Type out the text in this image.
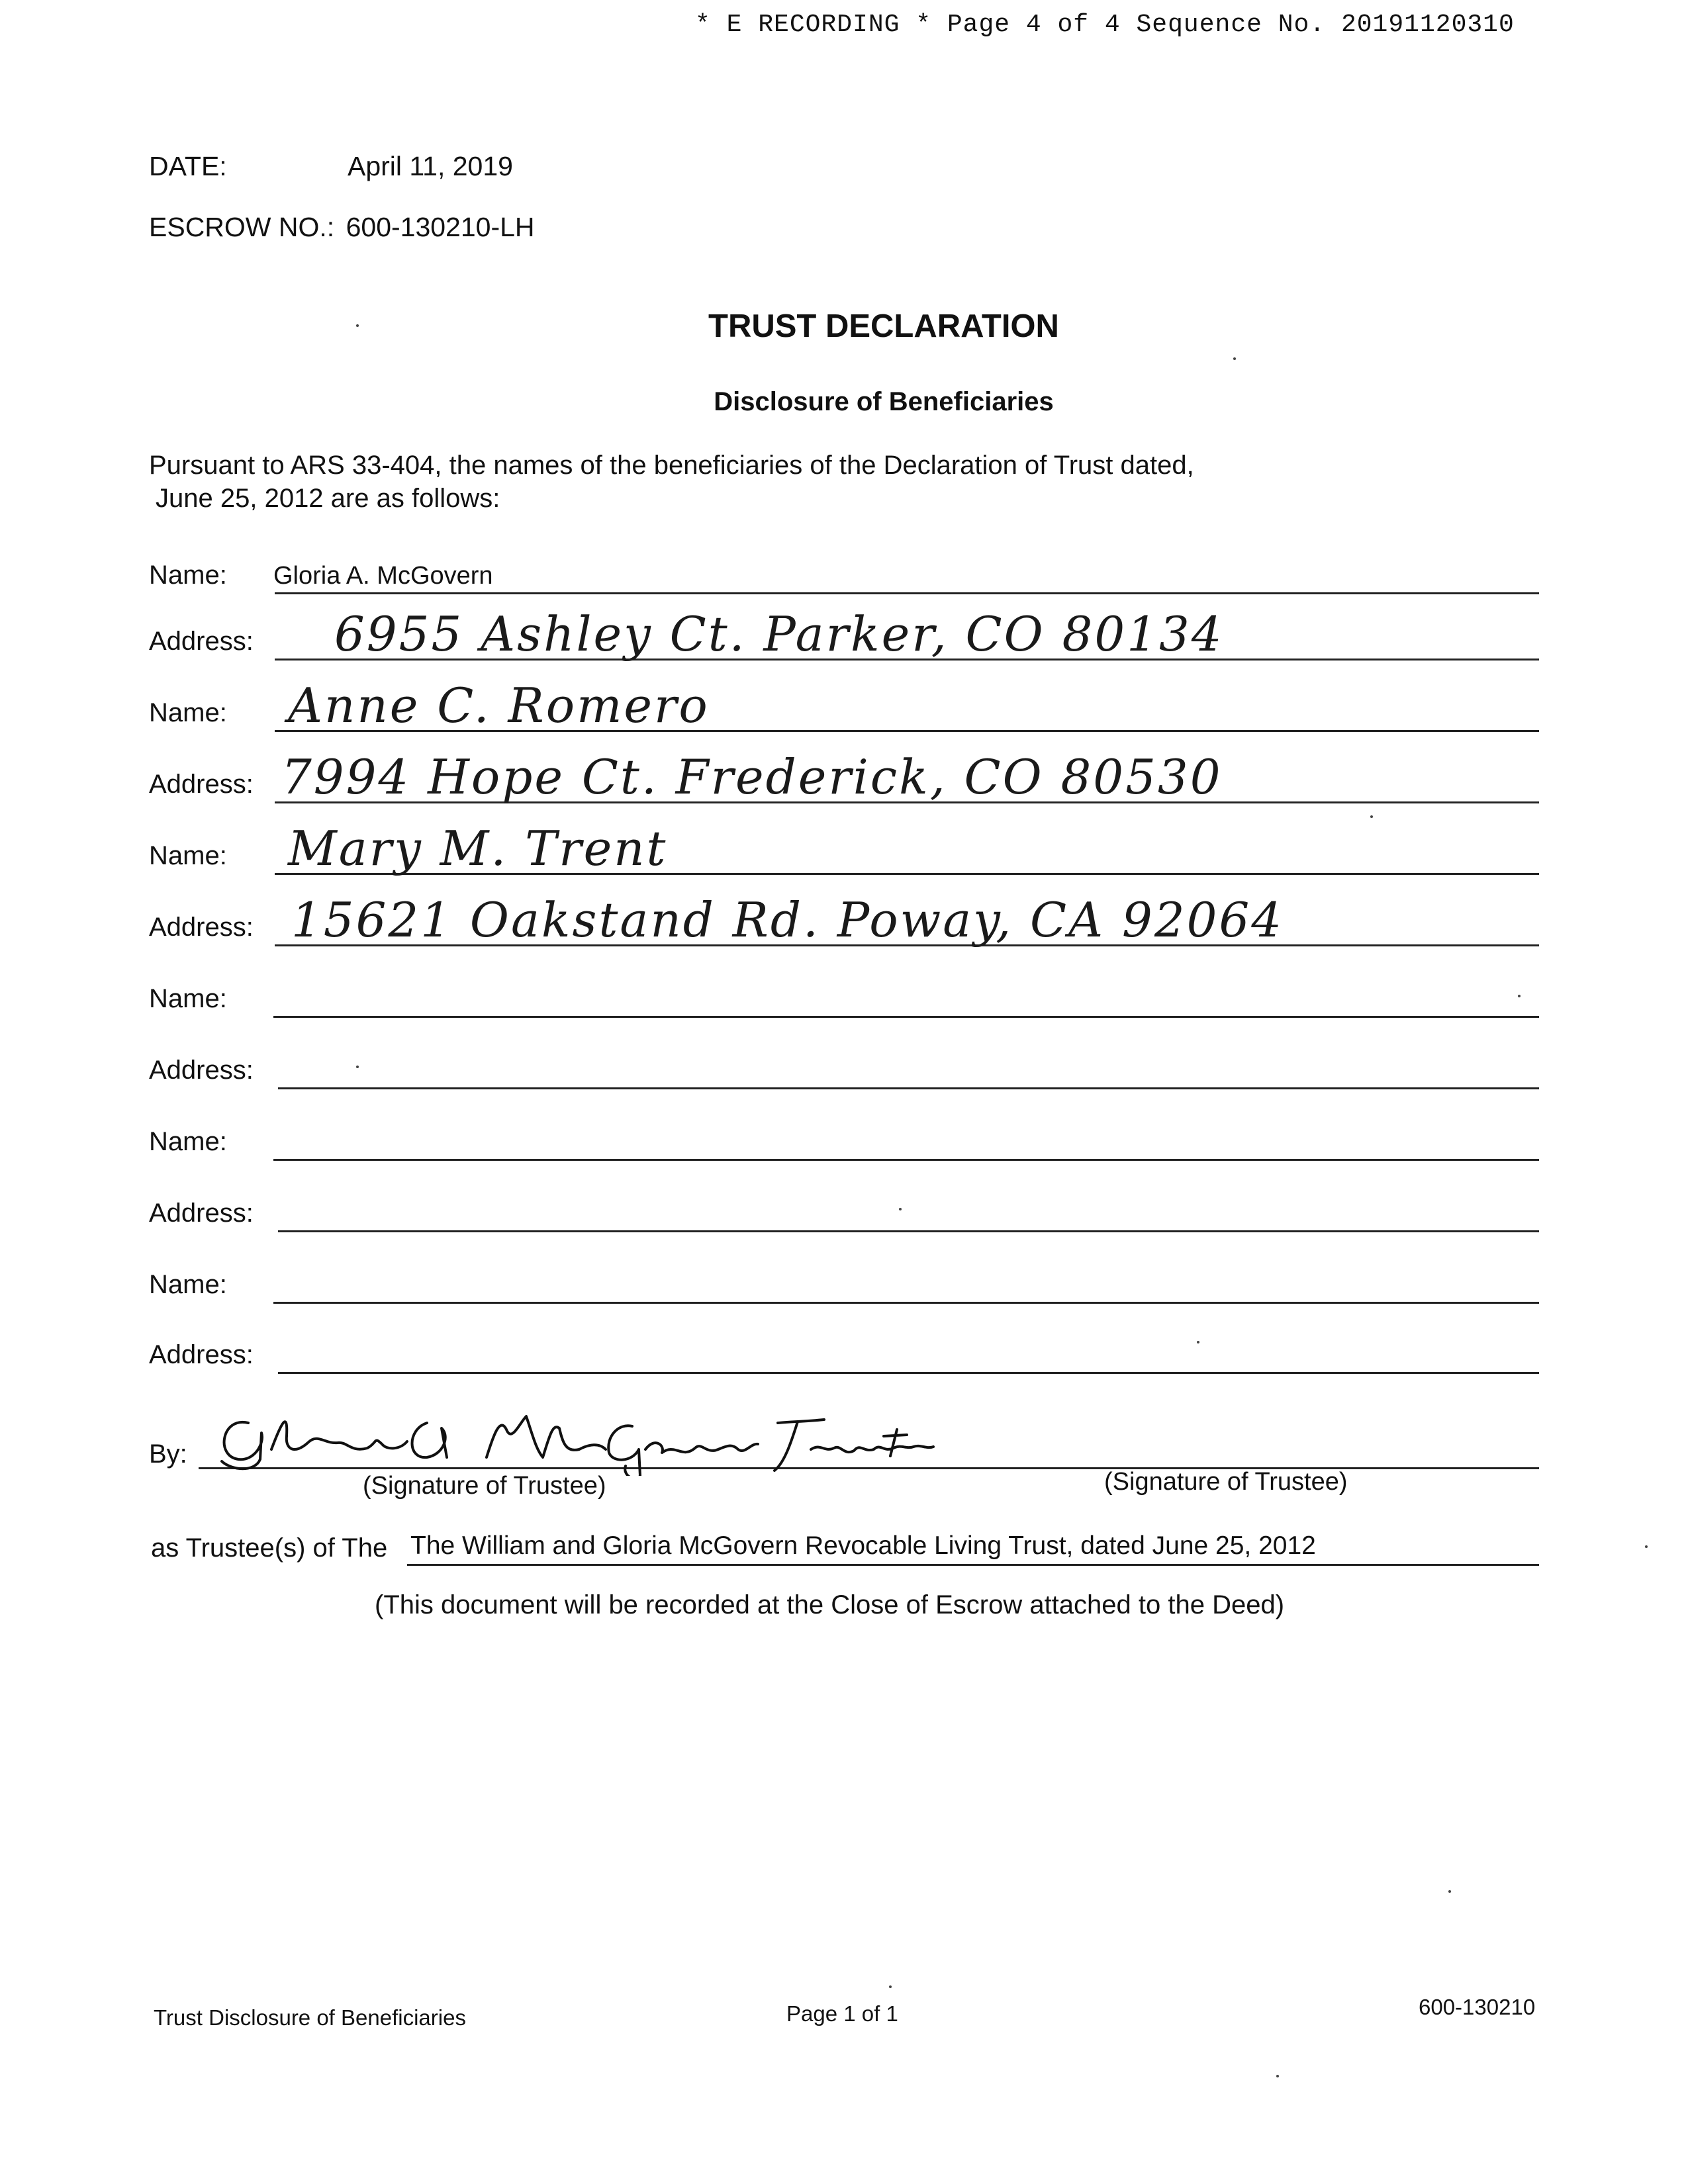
* E RECORDING * Page 4 of 4 Sequence No. 20191120310
DATE:	April 11, 2019
ESCROW NO.: 600-130210-LH
TRUST DECLARATION
Disclosure of Beneficiaries
Pursuant to ARS 33-404, the names of the beneficiaries of the Declaration of Trust dated,
June 25, 2012 are as follows:
Name: Gloria A. McGovern
Address: 6955 Ashley Ct. Parker, CO 80134
Name: Anne C. Romero
Address: 7994 Hope Ct. Frederick, CO 80530
Name: Mary M. Trent
Address: 15621 Oakstand Rd. Poway, CA 92064
Name:
Address:
Name:
Address:
Name:
Address:
By:
(Signature of Trustee)	(Signature of Trustee)
as Trustee(s) of The The William and Gloria McGovern Revocable Living Trust, dated June 25, 2012
(This document will be recorded at the Close of Escrow attached to the Deed)
Trust Disclosure of Beneficiaries	Page 1 of 1	600-130210
